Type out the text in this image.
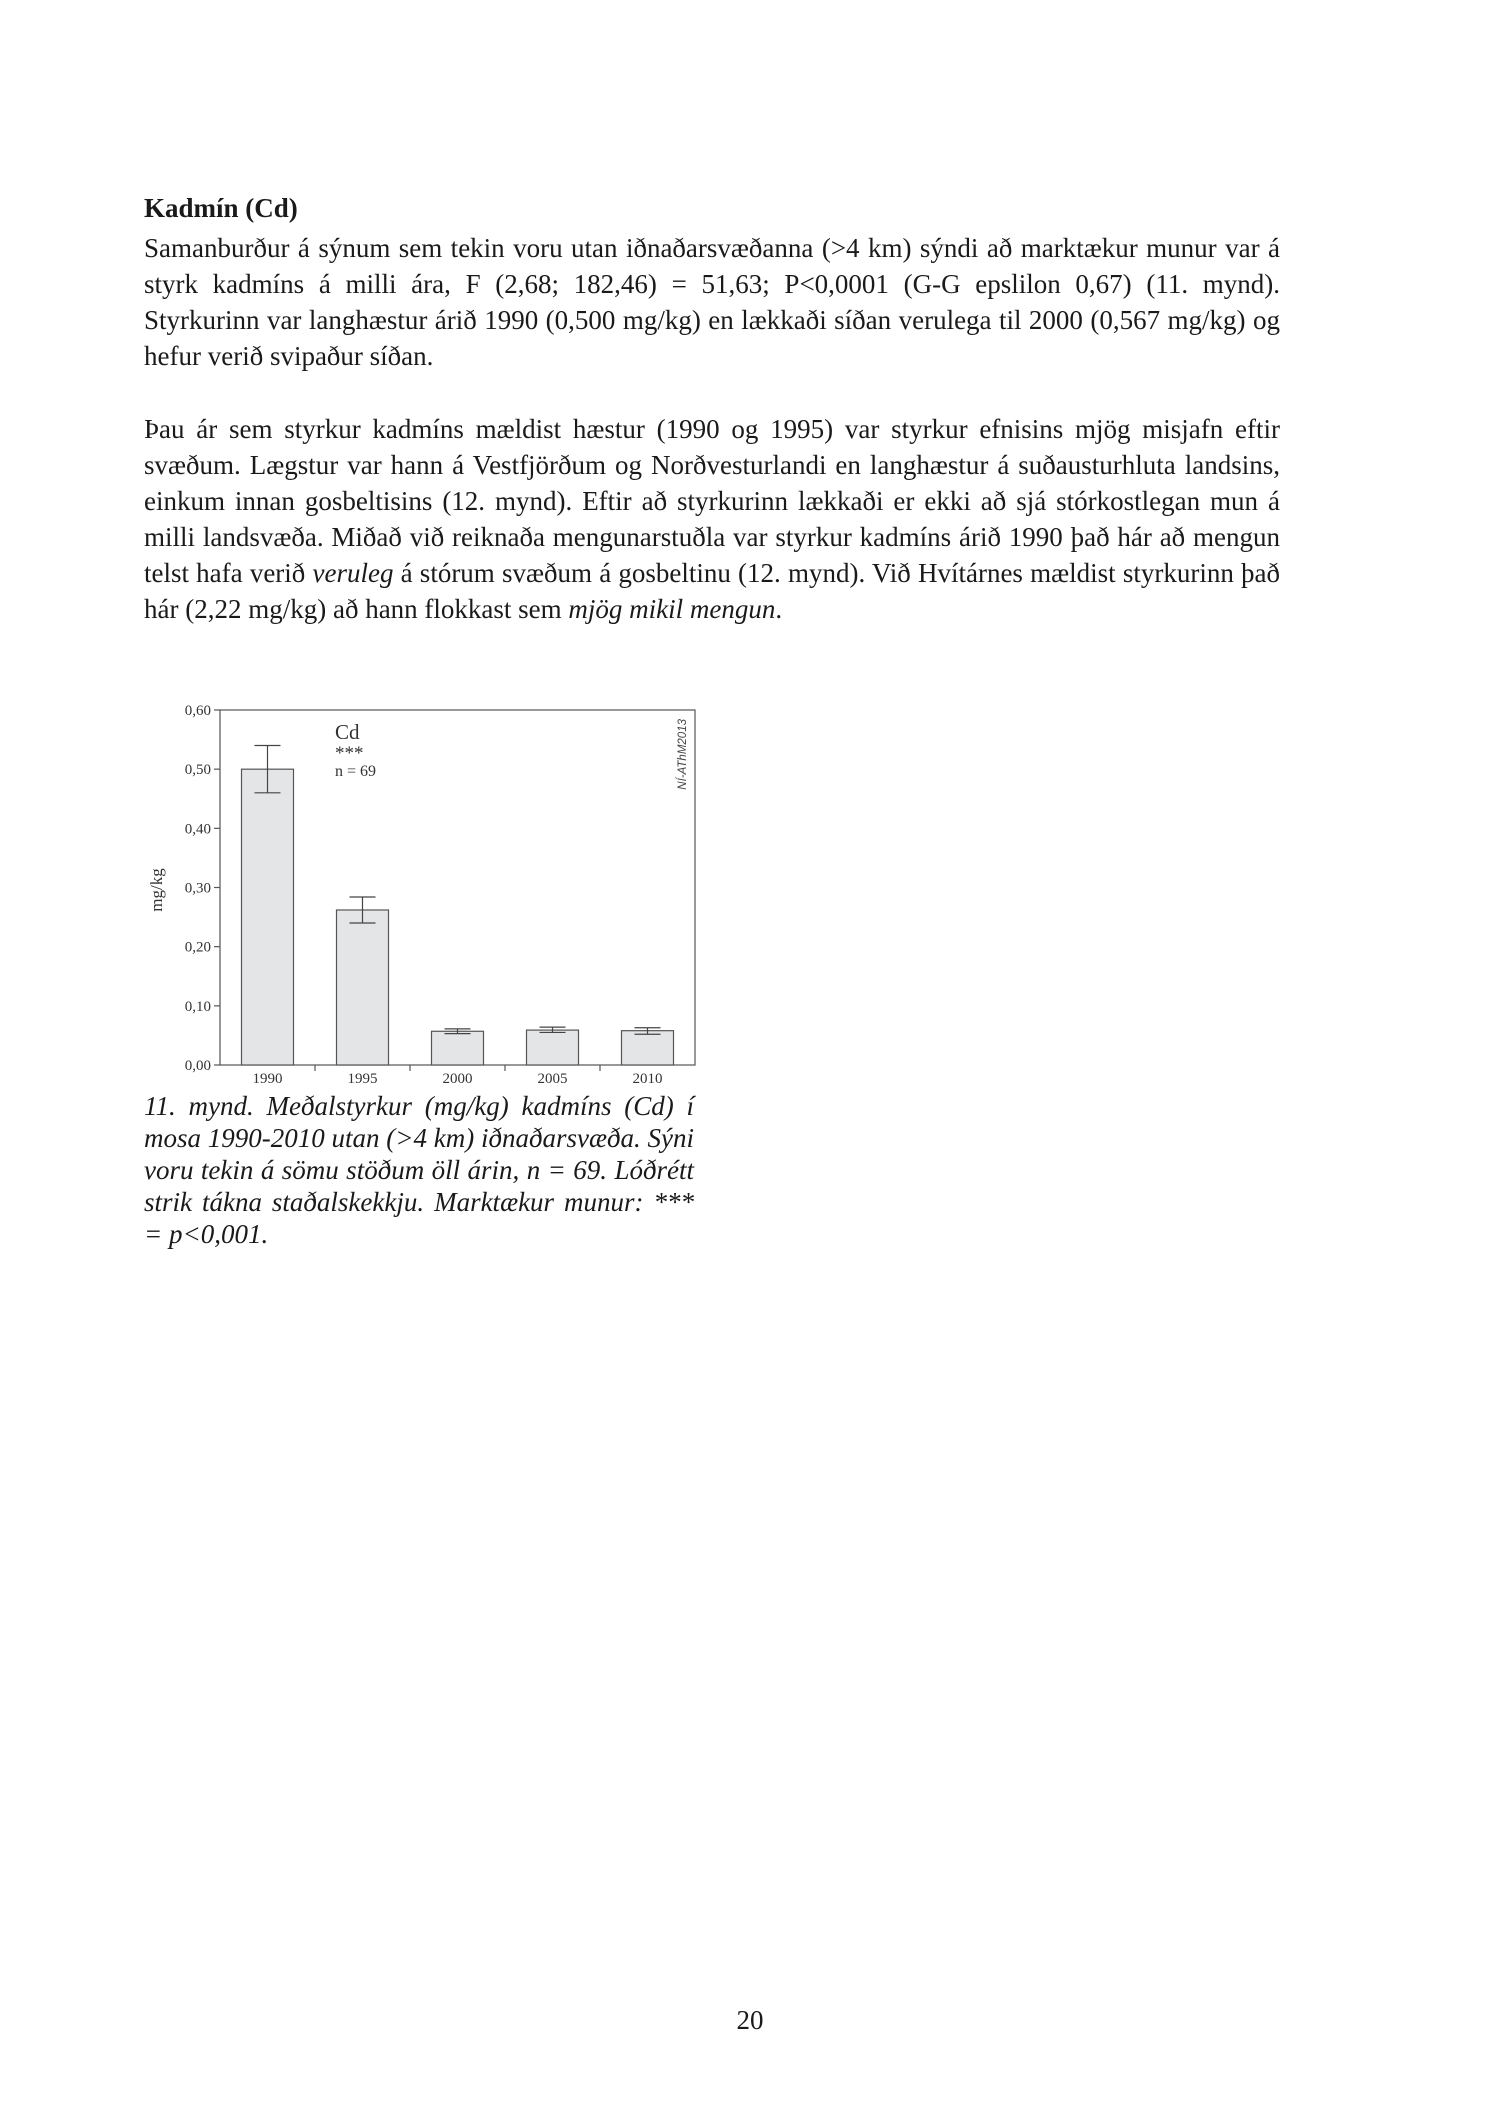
Kadmín (Cd)

Samanburður á sýnum sem tekin voru utan iðnaðarsvæðanna (>4 km) sýndi að marktækur munur var á styrk kadmíns á milli ára, F (2,68; 182,46) = 51,63; P<0,0001 (G-G epslilon 0,67) (11. mynd). Styrkurinn var langhæstur árið 1990 (0,500 mg/kg) en lækkaði síðan verulega til 2000 (0,567 mg/kg) og hefur verið svipaður síðan.

Þau ár sem styrkur kadmíns mældist hæstur (1990 og 1995) var styrkur efnisins mjög misjafn eftir svæðum. Lægstur var hann á Vestfjörðum og Norðvesturlandi en langhæstur á suðausturhluta landsins, einkum innan gosbeltisins (12. mynd). Eftir að styrkurinn lækkaði er ekki að sjá stórkostlegan mun á milli landsvæða. Miðað við reiknaða mengunarstuðla var styrkur kadmíns árið 1990 það hár að mengun telst hafa verið veruleg á stórum svæðum á gosbeltinu (12. mynd). Við Hvítárnes mældist styrkurinn það hár (2,22 mg/kg) að hann flokkast sem mjög mikil mengun.

0,00
0,10
0,20
0,30
0,40
0,50
0,60
1990	1995	2000	2005	2010
mg/kg
Cd
***
n = 69	NÍ-AThM2013

11. mynd. Meðalstyrkur (mg/kg) kadmíns (Cd) í mosa 1990-2010 utan (>4 km) iðnaðarsvæða. Sýni voru tekin á sömu stöðum öll árin, n = 69. Lóðrétt strik tákna staðalskekkju. Marktækur munur: *** = p<0,001.

20
